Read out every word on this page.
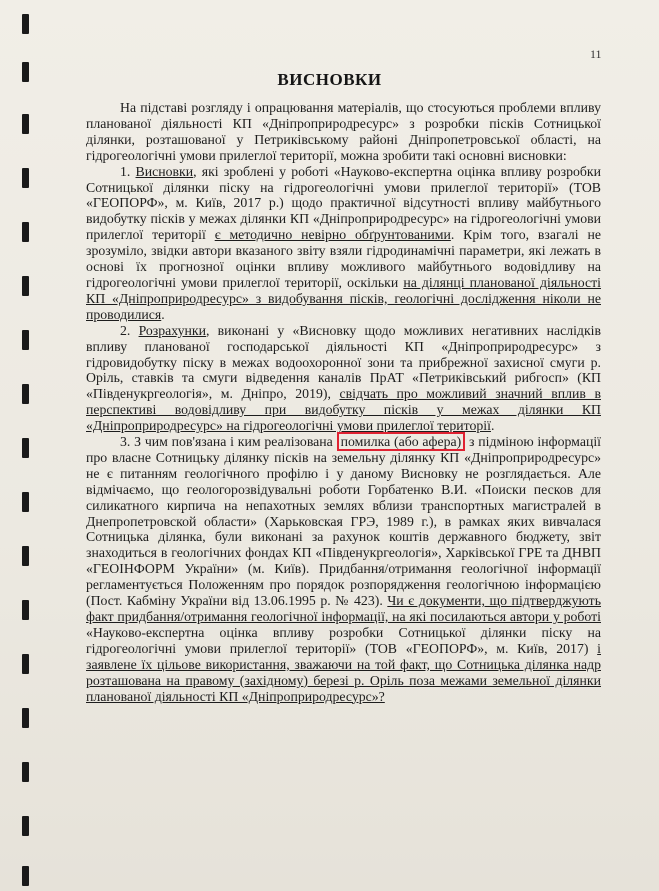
11
ВИСНОВКИ

На підставі розгляду і опрацювання матеріалів, що стосуються проблеми впливу планованої діяльності КП «Дніпроприродресурс» з розробки пісків Сотницької ділянки, розташованої у Петриківському районі Дніпропетровської області, на гідрогеологічні умови прилеглої території, можна зробити такі основні висновки:

1. Висновки, які зроблені у роботі «Науково-експертна оцінка впливу розробки Сотницької ділянки піску на гідрогеологічні умови прилеглої території» (ТОВ «ГЕОПОРФ», м. Київ, 2017 р.) щодо практичної відсутності впливу майбутнього видобутку пісків у межах ділянки КП «Дніпроприродресурс» на гідрогеологічні умови прилеглої території є методично невірно обґрунтованими. Крім того, взагалі не зрозуміло, звідки автори вказаного звіту взяли гідродинамічні параметри, які лежать в основі їх прогнозної оцінки впливу можливого майбутнього водовідливу на гідрогеологічні умови прилеглої території, оскільки на ділянці планованої діяльності КП «Дніпроприродресурс» з видобування пісків, геологічні дослідження ніколи не проводилися.

2. Розрахунки, виконані у «Висновку щодо можливих негативних наслідків впливу планованої господарської діяльності КП «Дніпроприродресурс» з гідровидобутку піску в межах водоохоронної зони та прибрежної захисної смуги р. Оріль, ставків та смуги відведення каналів ПрАТ «Петриківський рибгосп» (КП «Південукргеологія», м. Дніпро, 2019), свідчать про можливий значний вплив в перспективі водовідливу при видобутку пісків у межах ділянки КП «Дніпроприродресурс» на гідрогеологічні умови прилеглої території.

3. З чим пов'язана і ким реалізована помилка (або афера) з підміною інформації про власне Сотницьку ділянку пісків на земельну ділянку КП «Дніпроприродресурс» не є питанням геологічного профілю і у даному Висновку не розглядається. Але відмічаємо, що геологорозвідувальні роботи Горбатенко В.И. «Поиски песков для силикатного кирпича на непахотных землях вблизи транспортных магистралей в Днепропетровской области» (Харьковская ГРЭ, 1989 г.), в рамках яких вивчалася Сотницька ділянка, були виконані за рахунок коштів державного бюджету, звіт знаходиться в геологічних фондах КП «Південукргеологія», Харківської ГРЕ та ДНВП «ГЕОІНФОРМ України» (м. Київ). Придбання/отримання геологічної інформації регламентується Положенням про порядок розпорядження геологічною інформацією (Пост. Кабміну України від 13.06.1995 р. № 423). Чи є документи, що підтверджують факт придбання/отримання геологічної інформації, на які посилаються автори у роботі «Науково-експертна оцінка впливу розробки Сотницької ділянки піску на гідрогеологічні умови прилеглої території» (ТОВ «ГЕОПОРФ», м. Київ, 2017) і заявлене їх цільове використання, зважаючи на той факт, що Сотницька ділянка надр розташована на правому (західному) березі р. Оріль поза межами земельної ділянки планованої діяльності КП «Дніпроприродресурс»?
